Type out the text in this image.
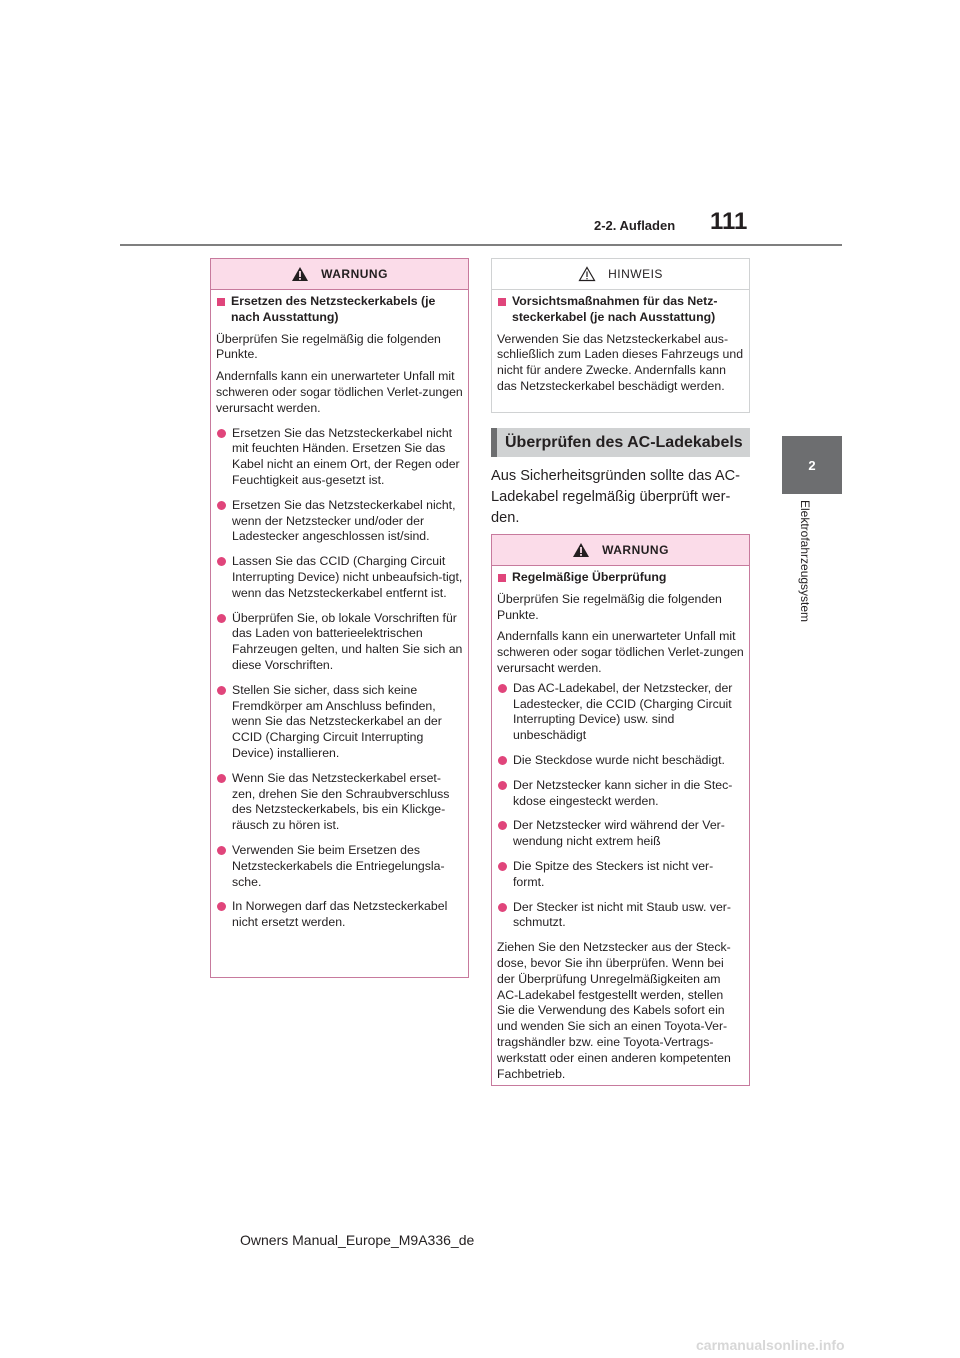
2-2. Aufladen 111
2
Elektrofahrzeugsystem
WARNUNG
Ersetzen des Netzsteckerkabels (je nach Ausstattung)

Überprüfen Sie regelmäßig die folgenden Punkte.

Andernfalls kann ein unerwarteter Unfall mit schweren oder sogar tödlichen Verlet-zungen verursacht werden.

Ersetzen Sie das Netzsteckerkabel nicht mit feuchten Händen. Ersetzen Sie das Kabel nicht an einem Ort, der Regen oder Feuchtigkeit aus-gesetzt ist.
Ersetzen Sie das Netzsteckerkabel nicht, wenn der Netzstecker und/oder der Ladestecker angeschlossen ist/sind.
Lassen Sie das CCID (Charging Circuit Interrupting Device) nicht unbeaufsich-tigt, wenn das Netzsteckerkabel entfernt ist.
Überprüfen Sie, ob lokale Vorschriften für das Laden von batterieelektrischen Fahrzeugen gelten, und halten Sie sich an diese Vorschriften.
Stellen Sie sicher, dass sich keine Fremdkörper am Anschluss befinden, wenn Sie das Netzsteckerkabel an der CCID (Charging Circuit Interrupting Device) installieren.
Wenn Sie das Netzsteckerkabel erset-zen, drehen Sie den Schraubverschluss des Netzsteckerkabels, bis ein Klickge-räusch zu hören ist.
Verwenden Sie beim Ersetzen des Netzsteckerkabels die Entriegelungsla-sche.
In Norwegen darf das Netzsteckerkabel nicht ersetzt werden.
HINWEIS
Vorsichtsmaßnahmen für das Netz-steckerkabel (je nach Ausstattung)

Verwenden Sie das Netzsteckerkabel aus-schließlich zum Laden dieses Fahrzeugs und nicht für andere Zwecke. Andernfalls kann das Netzsteckerkabel beschädigt werden.

Überprüfen des AC-Ladekabels
Aus Sicherheitsgründen sollte das AC-Ladekabel regelmäßig überprüft wer-den.
WARNUNG
Regelmäßige Überprüfung

Überprüfen Sie regelmäßig die folgenden Punkte.

Andernfalls kann ein unerwarteter Unfall mit schweren oder sogar tödlichen Verlet-zungen verursacht werden.

Das AC-Ladekabel, der Netzstecker, der Ladestecker, die CCID (Charging Circuit Interrupting Device) usw. sind unbeschädigt
Die Steckdose wurde nicht beschädigt.
Der Netzstecker kann sicher in die Stec-kdose eingesteckt werden.
Der Netzstecker wird während der Ver-wendung nicht extrem heiß
Die Spitze des Steckers ist nicht ver-formt.
Der Stecker ist nicht mit Staub usw. ver-schmutzt.

Ziehen Sie den Netzstecker aus der Steck-dose, bevor Sie ihn überprüfen. Wenn bei der Überprüfung Unregelmäßigkeiten am AC-Ladekabel festgestellt werden, stellen Sie die Verwendung des Kabels sofort ein und wenden Sie sich an einen Toyota-Ver-tragshändler bzw. eine Toyota-Vertrags-werkstatt oder einen anderen kompetenten Fachbetrieb.

Owners Manual_Europe_M9A336_de
carmanualsonline.info
